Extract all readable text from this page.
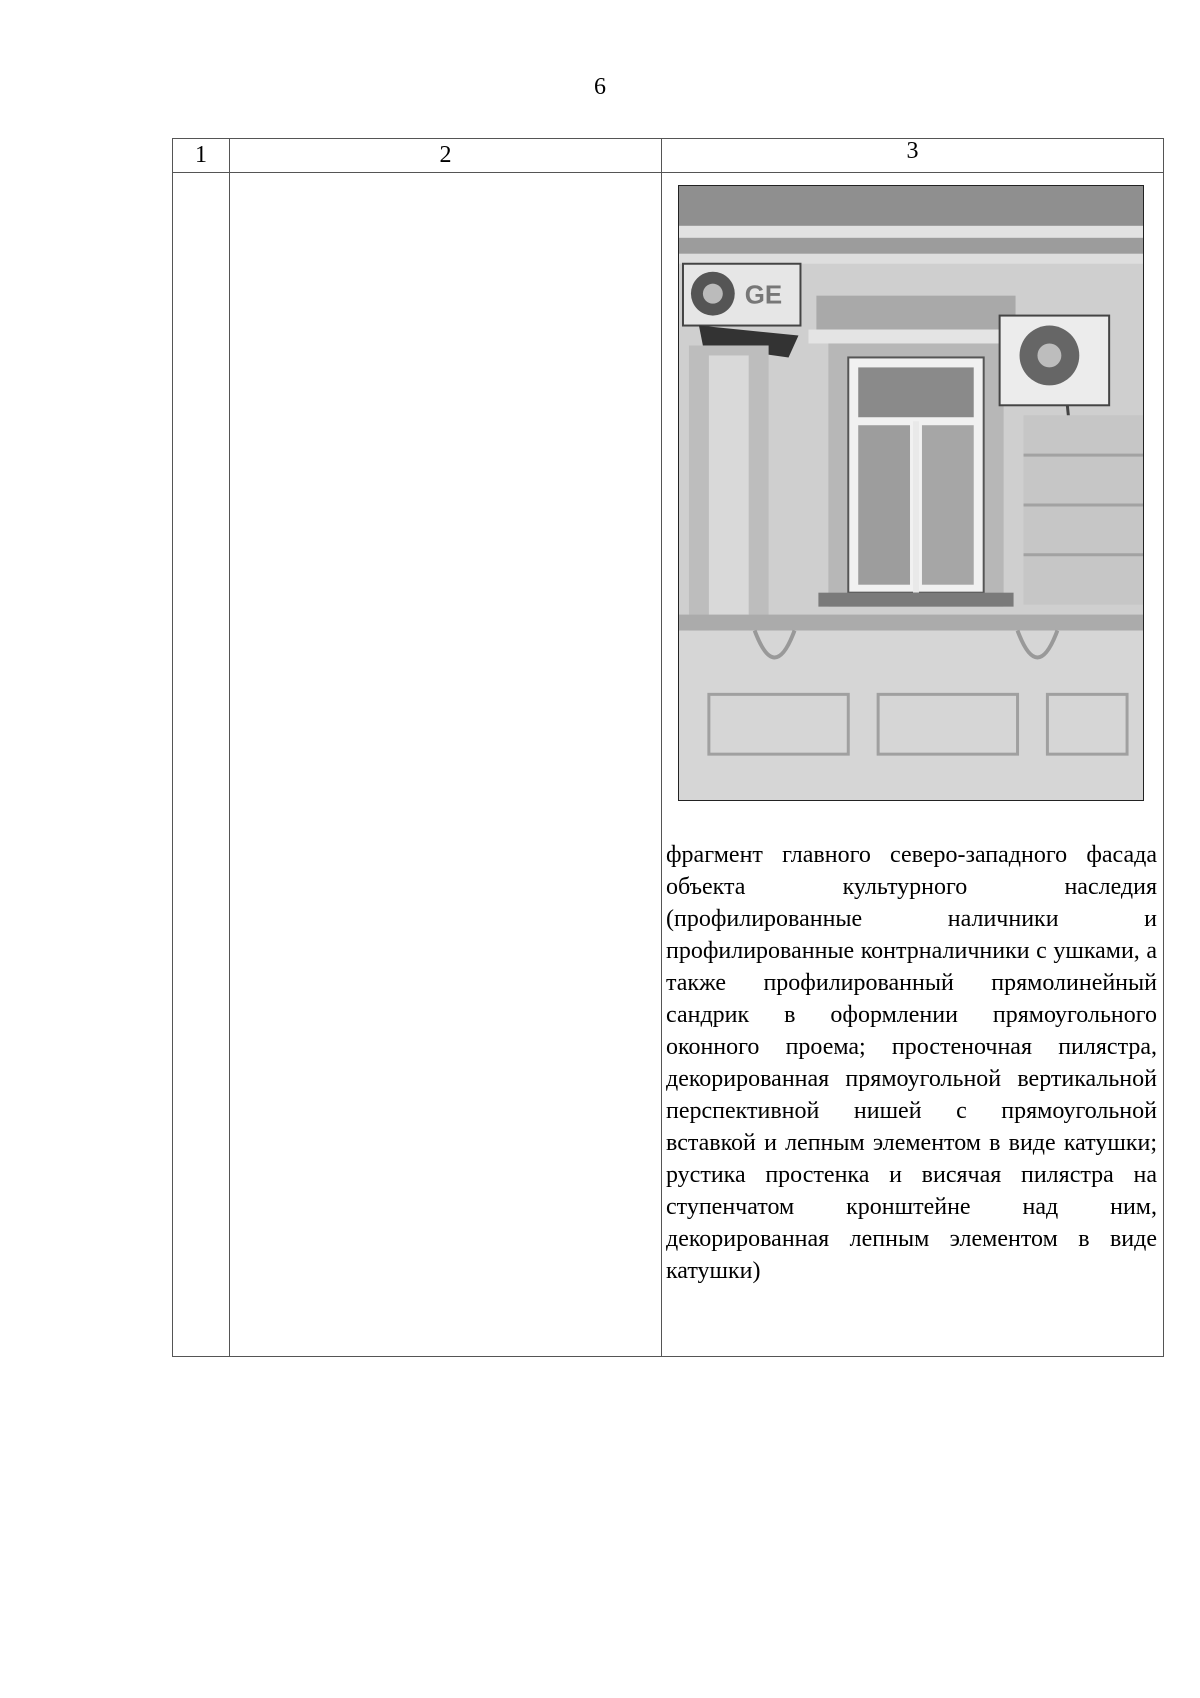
6
1	2	3

GE
фрагмент главного северо-западного фасада объекта культурного наследия (профилированные наличники и профилированные контрналичники с ушками, а также профилированный прямолинейный сандрик в оформлении прямоугольного оконного проема; простеночная пилястра, декорированная прямоугольной вертикальной перспективной нишей с прямоугольной вставкой и лепным элементом в виде катушки; рустика простенка и висячая пилястра на ступенчатом кронштейне над ним, декорированная лепным элементом в виде катушки)
